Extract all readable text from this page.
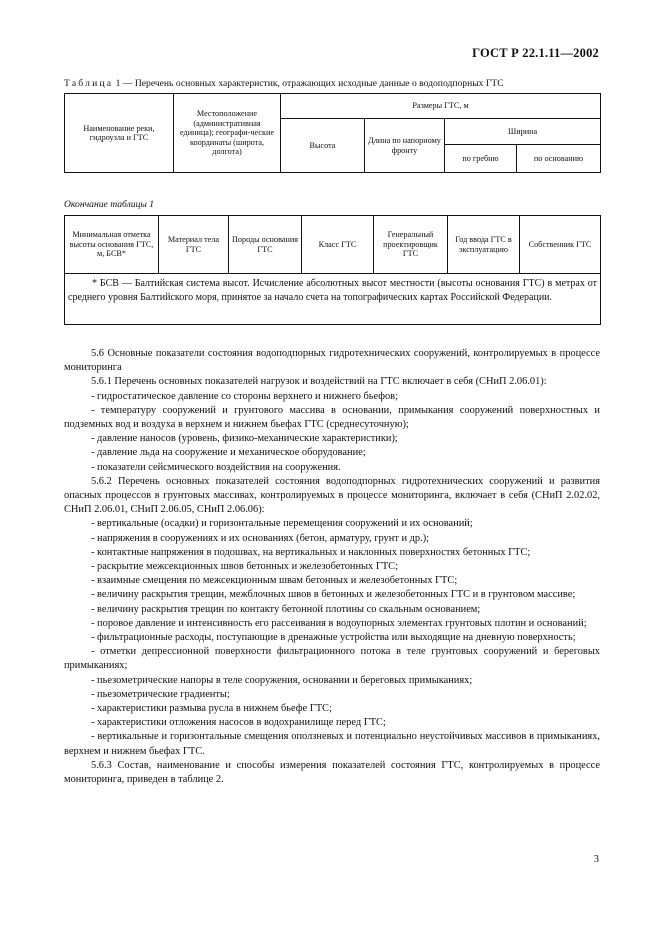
ГОСТ Р 22.1.11—2002
Таблица 1 — Перечень основных характеристик, отражающих исходные данные о водоподпорных ГТС
Наименование реки, гидроузла и ГТС	Местоположение (административная единица); географи-ческие координаты (широта, долгота)	Размеры ГТС, м			
		Высота	Длина по напорному фронту	Ширина	
				по гребню	по основанию
Окончание таблицы 1
Минимальная отметка высоты основания ГТС, м, БСВ*	Материал тела ГТС	Породы основания ГТС	Класс ГТС	Генеральный проектировщик ГТС	Год ввода ГТС в эксплуатацию	Собственник ГТС
* БСВ — Балтийская система высот. Исчисление абсолютных высот местности (высоты основания ГТС) в метрах от среднего уровня Балтийского моря, принятое за начало счета на топографических картах Российской Федерации.

5.6 Основные показатели состояния водоподпорных гидротехнических сооружений, контролируемых в процессе мониторинга

5.6.1 Перечень основных показателей нагрузок и воздействий на ГТС включает в себя (СНиП 2.06.01):

- гидростатическое давление со стороны верхнего и нижнего бьефов;

- температуру сооружений и грунтового массива в основании, примыкания сооружений поверхностных и подземных вод и воздуха в верхнем и нижнем бьефах ГТС (среднесуточную);

- давление наносов (уровень, физико-механические характеристики);

- давление льда на сооружение и механическое оборудование;

- показатели сейсмического воздействия на сооружения.

5.6.2 Перечень основных показателей состояния водоподпорных гидротехнических сооружений и развития опасных процессов в грунтовых массивах, контролируемых в процессе мониторинга, включает в себя (СНиП 2.02.02, СНиП 2.06.01, СНиП 2.06.05, СНиП 2.06.06):

- вертикальные (осадки) и горизонтальные перемещения сооружений и их оснований;

- напряжения в сооружениях и их основаниях (бетон, арматуру, грунт и др.);

- контактные напряжения в подошвах, на вертикальных и наклонных поверхностях бетонных ГТС;

- раскрытие межсекционных швов бетонных и железобетонных ГТС;

- взаимные смещения по межсекционным швам бетонных и железобетонных ГТС;

- величину раскрытия трещин, межблочных швов в бетонных и железобетонных ГТС и в грунтовом массиве;

- величину раскрытия трещин по контакту бетонной плотины со скальным основанием;

- поровое давление и интенсивность его рассеивания в водоупорных элементах грунтовых плотин и оснований;

- фильтрационные расходы, поступающие в дренажные устройства или выходящие на дневную поверхность;

- отметки депрессионной поверхности фильтрационного потока в теле грунтовых сооружений и береговых примыканиях;

- пьезометрические напоры в теле сооружения, основании и береговых примыканиях;

- пьезометрические градиенты;

- характеристики размыва русла в нижнем бьефе ГТС;

- характеристики отложения насосов в водохранилище перед ГТС;

- вертикальные и горизонтальные смещения оползневых и потенциально неустойчивых массивов в примыканиях, верхнем и нижнем бьефах ГТС.

5.6.3 Состав, наименование и способы измерения показателей состояния ГТС, контролируемых в процессе мониторинга, приведен в таблице 2.

3
